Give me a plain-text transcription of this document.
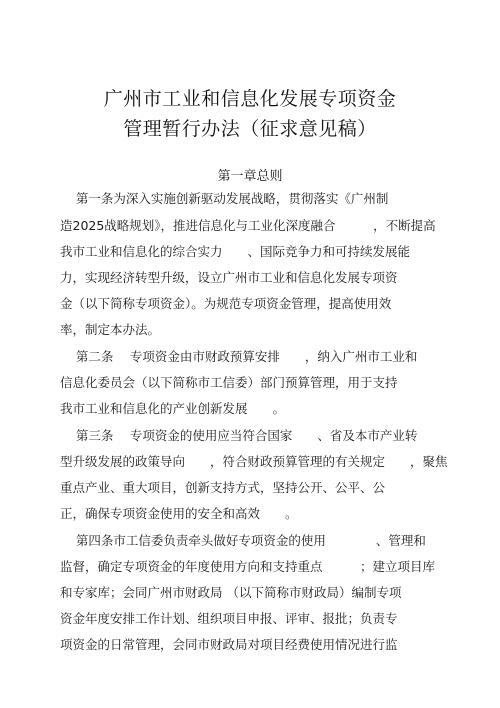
广州市工业和信息化发展专项资金
管理暂行办法（征求意见稿）
第一章总则
第一条为深入实施创新驱动发展战略，贯彻落实《广州制
造2025战略规划》，推进信息化与工业化深度融合　　　，不断提高
我市工业和信息化的综合实力　　、国际竞争力和可持续发展能
力，实现经济转型升级，设立广州市工业和信息化发展专项资
金（以下简称专项资金）。为规范专项资金管理，提高使用效
率，制定本办法。
第二条　 专项资金由市财政预算安排　　，纳入广州市工业和
信息化委员会（以下简称市工信委）部门预算管理，用于支持
我市工业和信息化的产业创新发展　　。
第三条　 专项资金的使用应当符合国家　　、省及本市产业转
型升级发展的政策导向　　，符合财政预算管理的有关规定　　，聚焦
重点产业、重大项目，创新支持方式，坚持公开、公平、公
正，确保专项资金使用的安全和高效　　。
第四条市工信委负责牵头做好专项资金的使用　　　　、管理和
监督，确定专项资金的年度使用方向和支持重点　　　；建立项目库
和专家库；会同广州市财政局 （以下简称市财政局）编制专项
资金年度安排工作计划、组织项目申报、评审、报批；负责专
项资金的日常管理，会同市财政局对项目经费使用情况进行监
